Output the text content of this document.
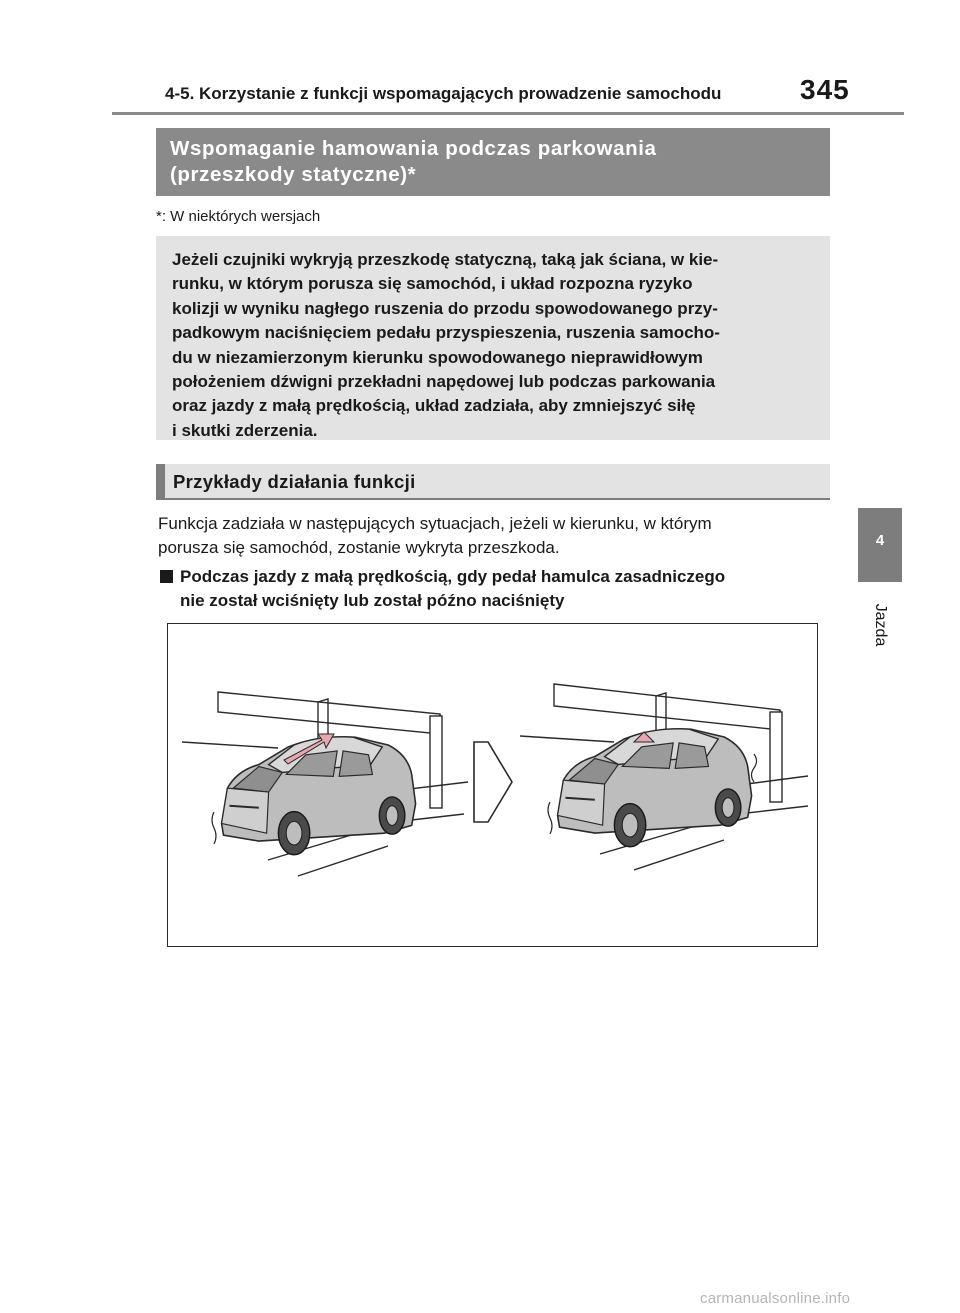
4-5. Korzystanie z funkcji wspomagających prowadzenie samochodu	345
4
Jazda
Wspomaganie hamowania podczas parkowania
(przeszkody statyczne)*
*: W niektórych wersjach
Jeżeli czujniki wykryją przeszkodę statyczną, taką jak ściana, w kie-
runku, w którym porusza się samochód, i układ rozpozna ryzyko
kolizji w wyniku nagłego ruszenia do przodu spowodowanego przy-
padkowym naciśnięciem pedału przyspieszenia, ruszenia samocho-
du w niezamierzonym kierunku spowodowanego nieprawidłowym
położeniem dźwigni przekładni napędowej lub podczas parkowania
oraz jazdy z małą prędkością, układ zadziała, aby zmniejszyć siłę
i skutki zderzenia.
Przykłady działania funkcji
Funkcja zadziała w następujących sytuacjach, jeżeli w kierunku, w którym
porusza się samochód, zostanie wykryta przeszkoda.
Podczas jazdy z małą prędkością, gdy pedał hamulca zasadniczego
nie został wciśnięty lub został późno naciśnięty
carmanualsonline.info
